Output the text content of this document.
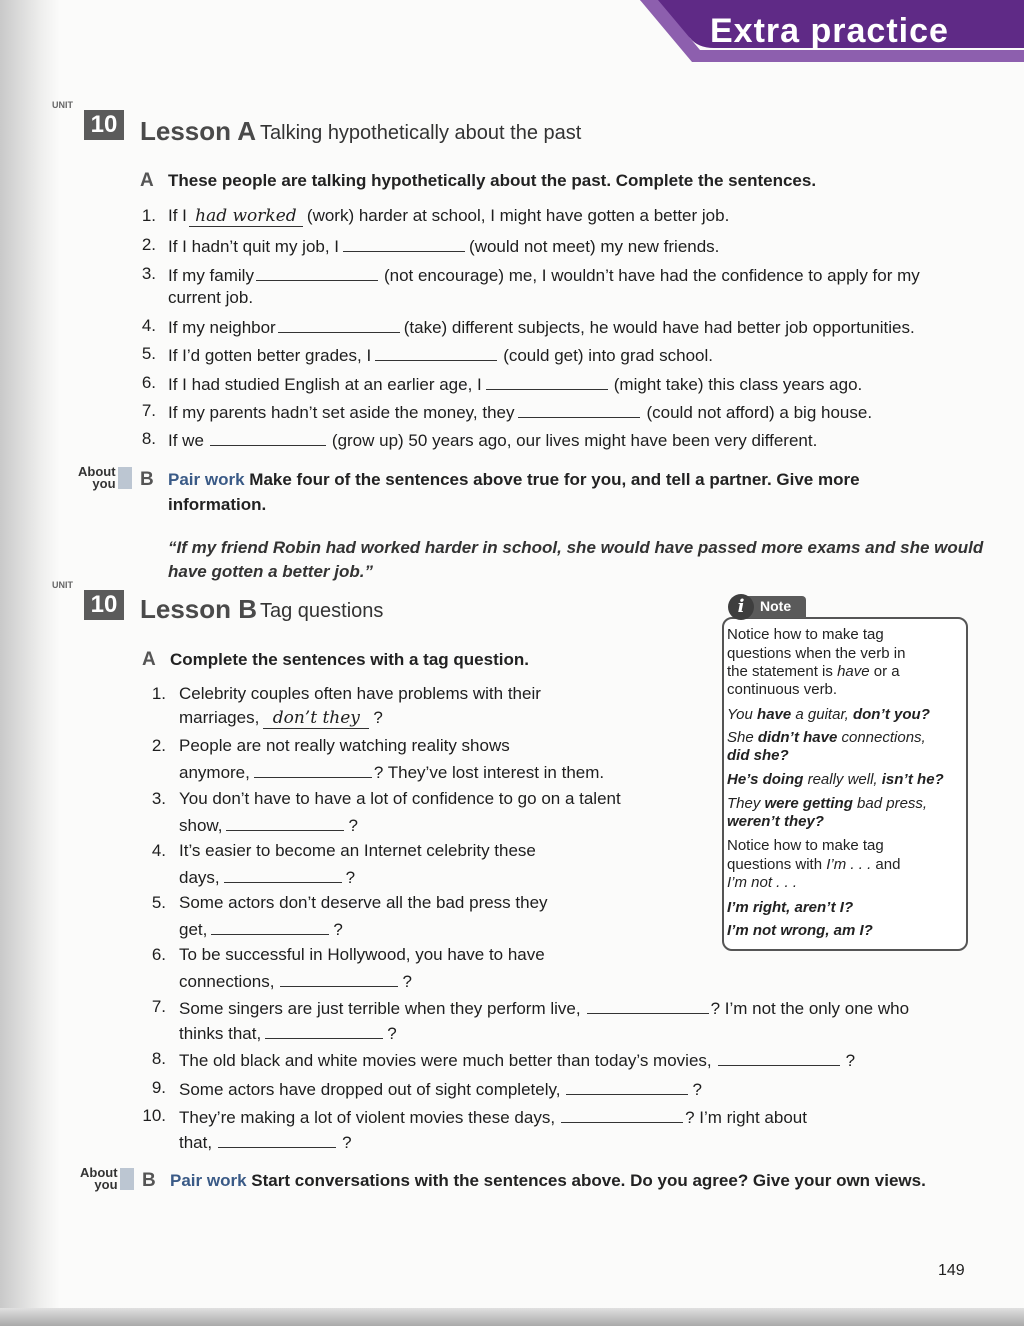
Extra practice
UNIT
10 Lesson A Talking hypothetically about the past
A These people are talking hypothetically about the past. Complete the sentences.
1. If I had worked (work) harder at school, I might have gotten a better job.
2. If I hadn’t quit my job, I	(would not meet) my new friends.
3. If my family	(not encourage) me, I wouldn’t have had the confidence to apply for my
current job.
4. If my neighbor	(take) different subjects, he would have had better job opportunities.
5. If I’d gotten better grades, I	(could get) into grad school.
6. If I had studied English at an earlier age, I	(might take) this class years ago.
7. If my parents hadn’t set aside the money, they	(could not afford) a big house.
8. If we	(grow up) 50 years ago, our lives might have been very different.
About
you B Pair work Make four of the sentences above true for you, and tell a partner. Give more
information.
“If my friend Robin had worked harder in school, she would have passed more exams and she would
have gotten a better job.”
UNIT
10 Lesson B Tag questions
A Complete the sentences with a tag question.
1. Celebrity couples often have problems with their
marriages, don’t they ?
2. People are not really watching reality shows
anymore,	? They’ve lost interest in them.
3. You don’t have to have a lot of confidence to go on a talent
show,	?
4. It’s easier to become an Internet celebrity these
days,	?
5. Some actors don’t deserve all the bad press they
get,	?
6. To be successful in Hollywood, you have to have
connections,	?
7. Some singers are just terrible when they perform live,	? I’m not the only one who
thinks that,	?
8. The old black and white movies were much better than today’s movies,	?
9. Some actors have dropped out of sight completely,	?
10. They’re making a lot of violent movies these days,	? I’m right about
that,	?
About
you B Pair work Start conversations with the sentences above. Do you agree? Give your own views.
i	Note
Notice how to make tag
questions when the verb in
the statement is have or a
continuous verb.
You have a guitar, don’t you?
She didn’t have connections,
did she?
He’s doing really well, isn’t he?
They were getting bad press,
weren’t they?
Notice how to make tag
questions with I’m . . . and
I’m not . . .
I’m right, aren’t I?
I’m not wrong, am I?
149
